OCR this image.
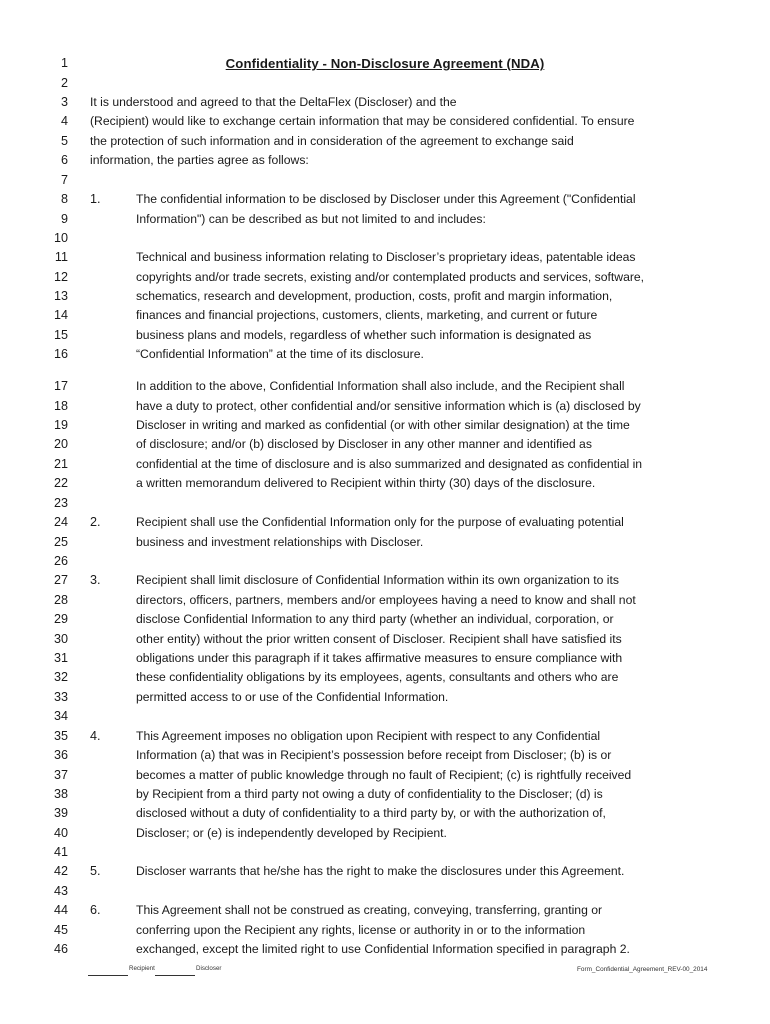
Confidentiality - Non-Disclosure Agreement (NDA)
1
2
3 It is understood and agreed to that the DeltaFlex (Discloser) and the
4 (Recipient) would like to exchange certain information that may be considered confidential. To ensure
5 the protection of such information and in consideration of the agreement to exchange said
6 information, the parties agree as follows:
7
8 1.	The confidential information to be disclosed by Discloser under this Agreement ("Confidential
9	Information") can be described as but not limited to and includes:
10
11	Technical and business information relating to Discloser’s proprietary ideas, patentable ideas
12	copyrights and/or trade secrets, existing and/or contemplated products and services, software,
13	schematics, research and development, production, costs, profit and margin information,
14	finances and financial projections, customers, clients, marketing, and current or future
15	business plans and models, regardless of whether such information is designated as
16	“Confidential Information” at the time of its disclosure.
17	In addition to the above, Confidential Information shall also include, and the Recipient shall
18	have a duty to protect, other confidential and/or sensitive information which is (a) disclosed by
19	Discloser in writing and marked as confidential (or with other similar designation) at the time
20	of disclosure; and/or (b) disclosed by Discloser in any other manner and identified as
21	confidential at the time of disclosure and is also summarized and designated as confidential in
22	a written memorandum delivered to Recipient within thirty (30) days of the disclosure.
23
24 2.	Recipient shall use the Confidential Information only for the purpose of evaluating potential
25	business and investment relationships with Discloser.
26
27 3.	Recipient shall limit disclosure of Confidential Information within its own organization to its
28	directors, officers, partners, members and/or employees having a need to know and shall not
29	disclose Confidential Information to any third party (whether an individual, corporation, or
30	other entity) without the prior written consent of Discloser. Recipient shall have satisfied its
31	obligations under this paragraph if it takes affirmative measures to ensure compliance with
32	these confidentiality obligations by its employees, agents, consultants and others who are
33	permitted access to or use of the Confidential Information.
34
35 4.	This Agreement imposes no obligation upon Recipient with respect to any Confidential
36	Information (a) that was in Recipient’s possession before receipt from Discloser; (b) is or
37	becomes a matter of public knowledge through no fault of Recipient; (c) is rightfully received
38	by Recipient from a third party not owing a duty of confidentiality to the Discloser; (d) is
39	disclosed without a duty of confidentiality to a third party by, or with the authorization of,
40	Discloser; or (e) is independently developed by Recipient.
41
42 5.	Discloser warrants that he/she has the right to make the disclosures under this Agreement.
43
44 6.	This Agreement shall not be construed as creating, conveying, transferring, granting or
45	conferring upon the Recipient any rights, license or authority in or to the information
46	exchanged, except the limited right to use Confidential Information specified in paragraph 2.
Recipient	Discloser	Form_Confidential_Agreement_REV-00_2014
